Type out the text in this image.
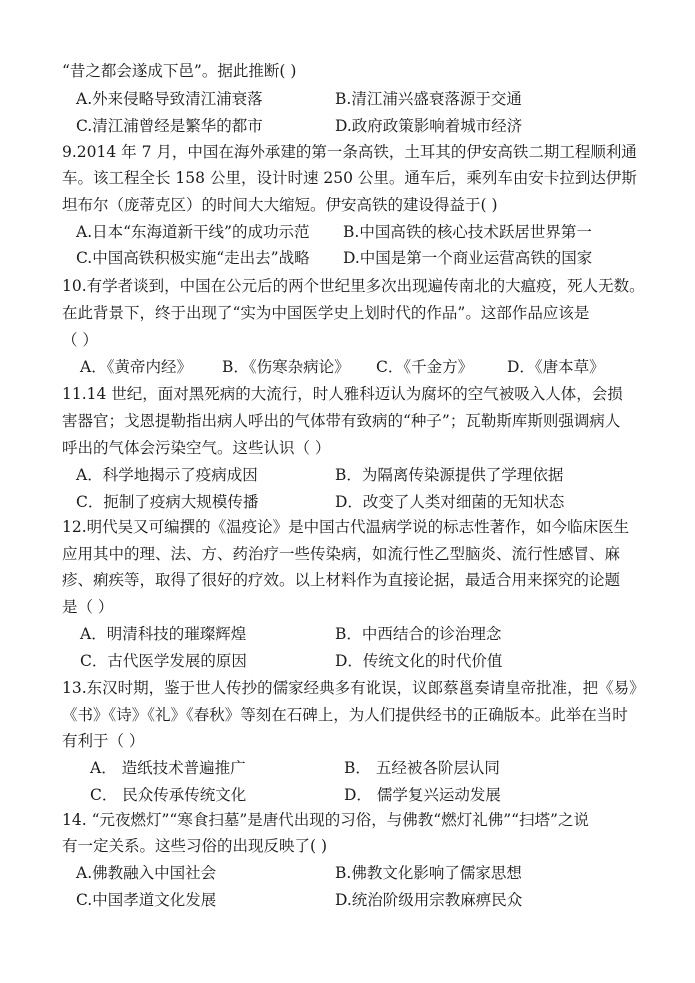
“昔之都会遂成下邑”。据此推断( )
A.外来侵略导致清江浦衰落	B.清江浦兴盛衰落源于交通
C.清江浦曾经是繁华的都市	D.政府政策影响着城市经济
9.2014 年 7 月，中国在海外承建的第一条高铁，土耳其的伊安高铁二期工程顺利通
车。该工程全长 158 公里，设计时速 250 公里。通车后，乘列车由安卡拉到达伊斯
坦布尔（庞蒂克区）的时间大大缩短。伊安高铁的建设得益于( )
A.日本“东海道新干线”的成功示范 B.中国高铁的核心技术跃居世界第一
C.中国高铁积极实施“走出去”战略 D.中国是第一个商业运营高铁的国家
10.有学者谈到，中国在公元后的两个世纪里多次出现遍传南北的大瘟疫，死人无数。
在此背景下，终于出现了“实为中国医学史上划时代的作品”。这部作品应该是
（ ）
A．《黄帝内经》 B．《伤寒杂病论》 C．《千金方》 D．《唐本草》
11.14 世纪，面对黑死病的大流行，时人雅科迈认为腐坏的空气被吸入人体，会损
害器官；戈恩提勒指出病人呼出的气体带有致病的“种子”；瓦勒斯库斯则强调病人
呼出的气体会污染空气。这些认识（ ）
A．科学地揭示了疫病成因	B．为隔离传染源提供了学理依据
C．扼制了疫病大规模传播	D．改变了人类对细菌的无知状态
12.明代吴又可编撰的《温疫论》是中国古代温病学说的标志性著作，如今临床医生
应用其中的理、法、方、药治疗一些传染病，如流行性乙型脑炎、流行性感冒、麻
疹、痢疾等，取得了很好的疗效。以上材料作为直接论据，最适合用来探究的论题
是（ ）
A．明清科技的璀璨辉煌	B．中西结合的诊治理念
C．古代医学发展的原因	D．传统文化的时代价值
13.东汉时期，鉴于世人传抄的儒家经典多有讹误，议郎蔡邕奏请皇帝批准，把《易》
《书》《诗》《礼》《春秋》等刻在石碑上，为人们提供经书的正确版本。此举在当时
有利于（ ）
A． 造纸技术普遍推广	B． 五经被各阶层认同
C． 民众传承传统文化	D． 儒学复兴运动发展
14. “元夜燃灯”“寒食扫墓”是唐代出现的习俗，与佛教“燃灯礼佛”“扫塔”之说
有一定关系。这些习俗的出现反映了( )
A.佛教融入中国社会	B.佛教文化影响了儒家思想
C.中国孝道文化发展	D.统治阶级用宗教麻痹民众
